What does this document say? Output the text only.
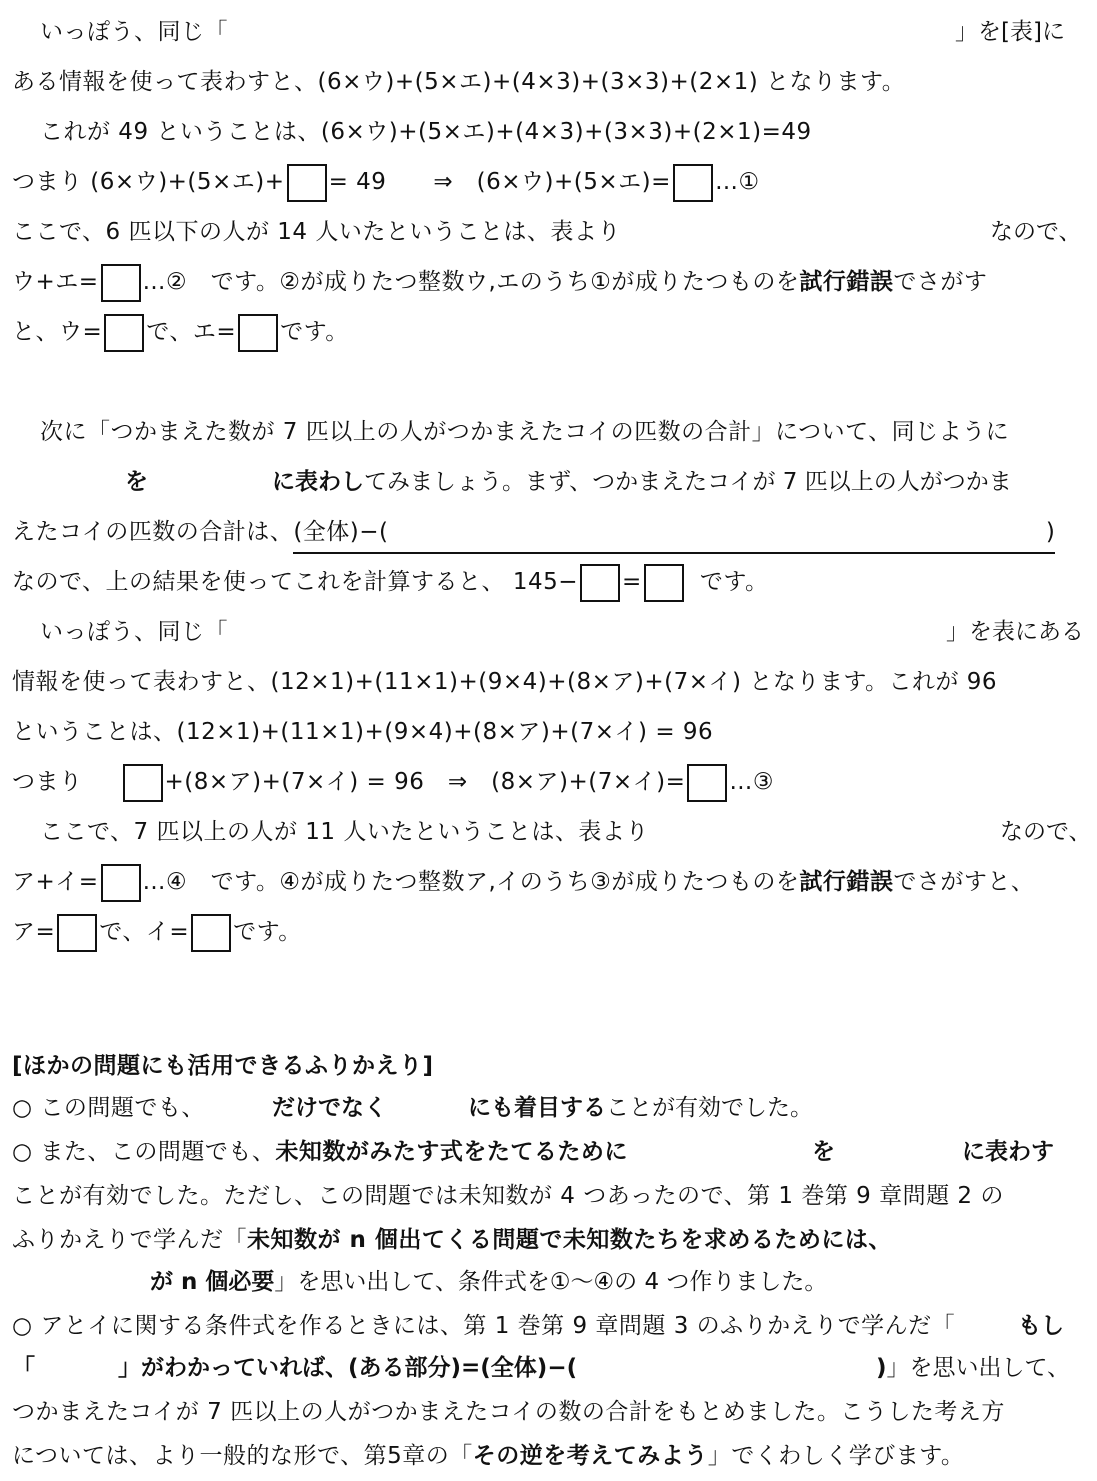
いっぽう、同じ「	」を[表]に
ある情報を使って表わすと、(6×ウ)+(5×エ)+(4×3)+(3×3)+(2×1) となります。
これが 49 ということは、(6×ウ)+(5×エ)+(4×3)+(3×3)+(2×1)=49
つまり (6×ウ)+(5×エ)+ = 49　　⇒　(6×ウ)+(5×エ)= …①
ここで、6 匹以下の人が 14 人いたということは、表より	なので、
ウ+エ= …②　です。②が成りたつ整数ウ,エのうち①が成りたつものを試行錯誤でさがす
と、ウ= で、エ= です。
次に「つかまえた数が 7 匹以上の人がつかまえたコイの匹数の合計」について、同じように
を	に表わしてみましょう。まず、つかまえたコイが 7 匹以上の人がつかま
えたコイの匹数の合計は、(全体)−(	)
なので、上の結果を使ってこれを計算すると、 145− =	です。
いっぽう、同じ「	」を表にある
情報を使って表わすと、(12×1)+(11×1)+(9×4)+(8×ア)+(7×イ) となります。これが 96
ということは、(12×1)+(11×1)+(9×4)+(8×ア)+(7×イ) = 96
つまり	+(8×ア)+(7×イ) = 96　⇒　(8×ア)+(7×イ)= …③
ここで、7 匹以上の人が 11 人いたということは、表より	なので、
ア+イ= …④　です。④が成りたつ整数ア,イのうち③が成りたつものを試行錯誤でさがすと、
ア= で、イ= です。
[ほかの問題にも活用できるふりかえり]
○ この問題でも、	だけでなく	にも着目することが有効でした。
○ また、この問題でも、未知数がみたす式をたてるために	を	に表わす
ことが有効でした。ただし、この問題では未知数が 4 つあったので、第 1 巻第 9 章問題 2 の
ふりかえりで学んだ「未知数が n 個出てくる問題で未知数たちを求めるためには、
が n 個必要」を思い出して、条件式を①〜④の 4 つ作りました。
○ アとイに関する条件式を作るときには、第 1 巻第 9 章問題 3 のふりかえりで学んだ「	もし
「	」がわかっていれば、(ある部分)=(全体)−(	)」を思い出して、
つかまえたコイが 7 匹以上の人がつかまえたコイの数の合計をもとめました。こうした考え方
については、より一般的な形で、第5章の「その逆を考えてみよう」でくわしく学びます。
